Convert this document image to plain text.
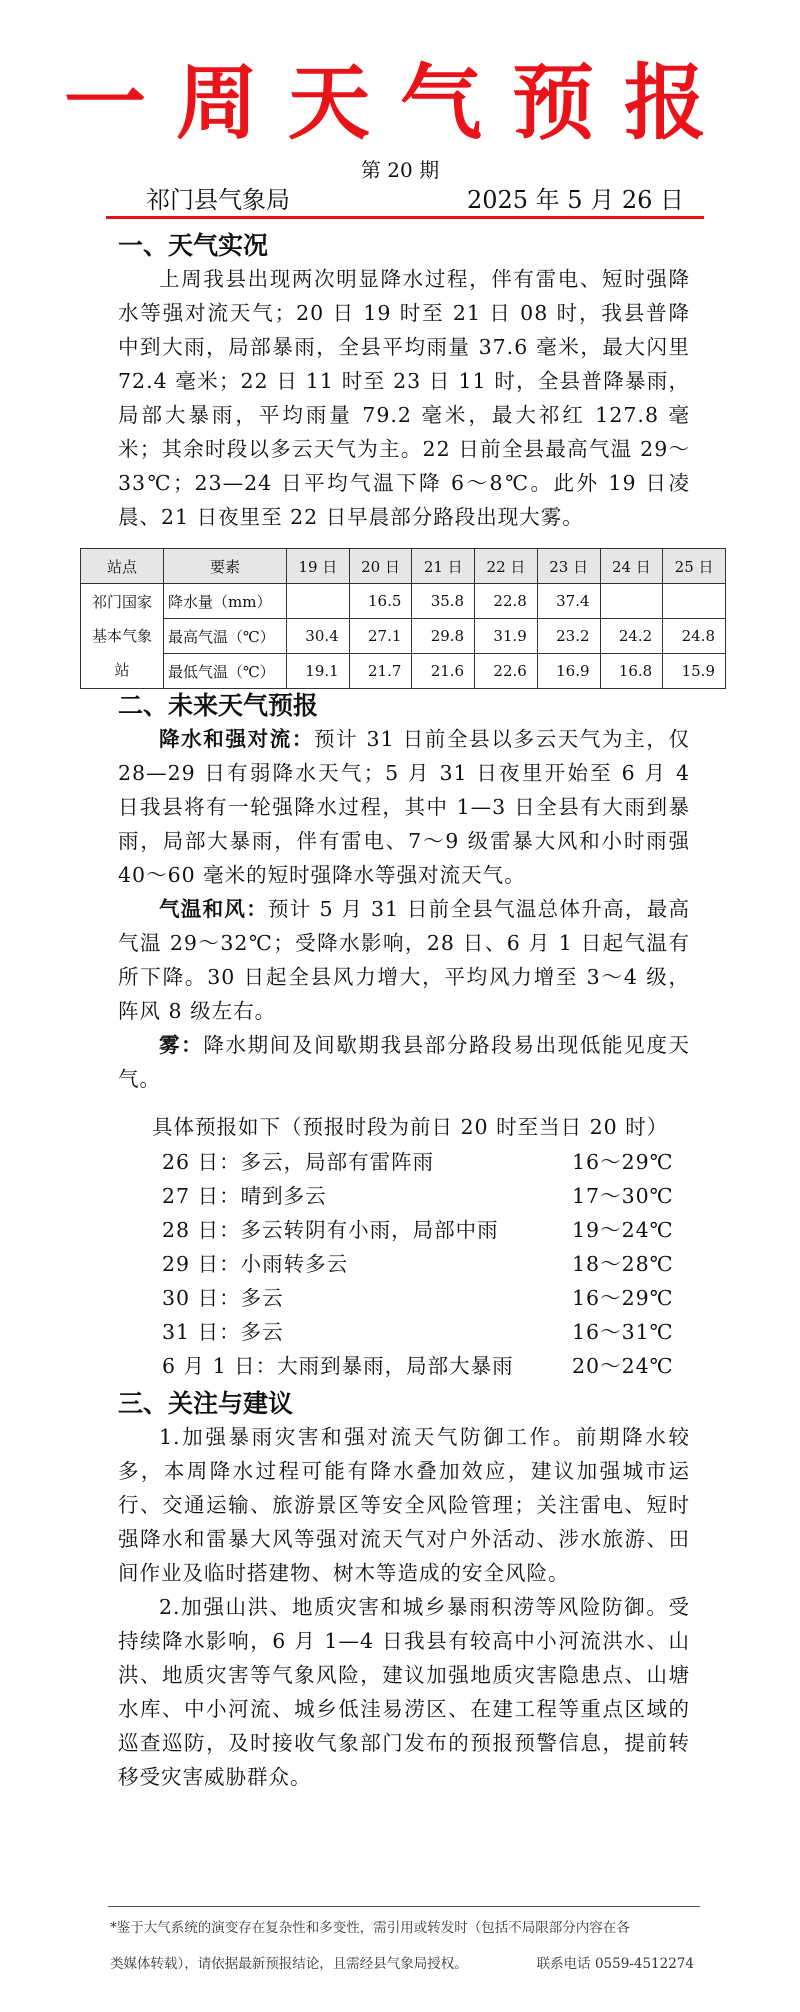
一周天气预报
第 20 期
祁门县气象局	2025 年 5 月 26 日
一、天气实况

上周我县出现两次明显降水过程，伴有雷电、短时强降水等强对流天气；20 日 19 时至 21 日 08 时，我县普降中到大雨，局部暴雨，全县平均雨量 37.6 毫米，最大闪里 72.4 毫米；22 日 11 时至 23 日 11 时，全县普降暴雨，局部大暴雨，平均雨量 79.2 毫米，最大祁红 127.8 毫米；其余时段以多云天气为主。22 日前全县最高气温 29～33℃；23—24 日平均气温下降 6～8℃。此外 19 日凌晨、21 日夜里至 22 日早晨部分路段出现大雾。

站点	要素	19 日	20 日	21 日	22 日	23 日	24 日	25 日
祁门国家基本气象站	降水量（mm）		16.5	35.8	22.8	37.4		
	最高气温（℃）	30.4	27.1	29.8	31.9	23.2	24.2	24.8
	最低气温（℃）	19.1	21.7	21.6	22.6	16.9	16.8	15.9
二、未来天气预报

降水和强对流：预计 31 日前全县以多云天气为主，仅 28—29 日有弱降水天气；5 月 31 日夜里开始至 6 月 4 日我县将有一轮强降水过程，其中 1—3 日全县有大雨到暴雨，局部大暴雨，伴有雷电、7～9 级雷暴大风和小时雨强 40～60 毫米的短时强降水等强对流天气。

气温和风：预计 5 月 31 日前全县气温总体升高，最高气温 29～32℃；受降水影响，28 日、6 月 1 日起气温有所下降。30 日起全县风力增大，平均风力增至 3～4 级，阵风 8 级左右。

雾：降水期间及间歇期我县部分路段易出现低能见度天气。

具体预报如下（预报时段为前日 20 时至当日 20 时）
26 日：多云，局部有雷阵雨	16～29℃
27 日：晴到多云	17～30℃
28 日：多云转阴有小雨，局部中雨	19～24℃
29 日：小雨转多云	18～28℃
30 日：多云	16～29℃
31 日：多云	16～31℃
6 月 1 日：大雨到暴雨，局部大暴雨	20～24℃
三、关注与建议

1.加强暴雨灾害和强对流天气防御工作。前期降水较多，本周降水过程可能有降水叠加效应，建议加强城市运行、交通运输、旅游景区等安全风险管理；关注雷电、短时强降水和雷暴大风等强对流天气对户外活动、涉水旅游、田间作业及临时搭建物、树木等造成的安全风险。

2.加强山洪、地质灾害和城乡暴雨积涝等风险防御。受持续降水影响，6 月 1—4 日我县有较高中小河流洪水、山洪、地质灾害等气象风险，建议加强地质灾害隐患点、山塘水库、中小河流、城乡低洼易涝区、在建工程等重点区域的巡查巡防，及时接收气象部门发布的预报预警信息，提前转移受灾害威胁群众。

*鉴于大气系统的演变存在复杂性和多变性，需引用或转发时（包括不局限部分内容在各
类媒体转载），请依据最新预报结论，且需经县气象局授权。	联系电话 0559-4512274
